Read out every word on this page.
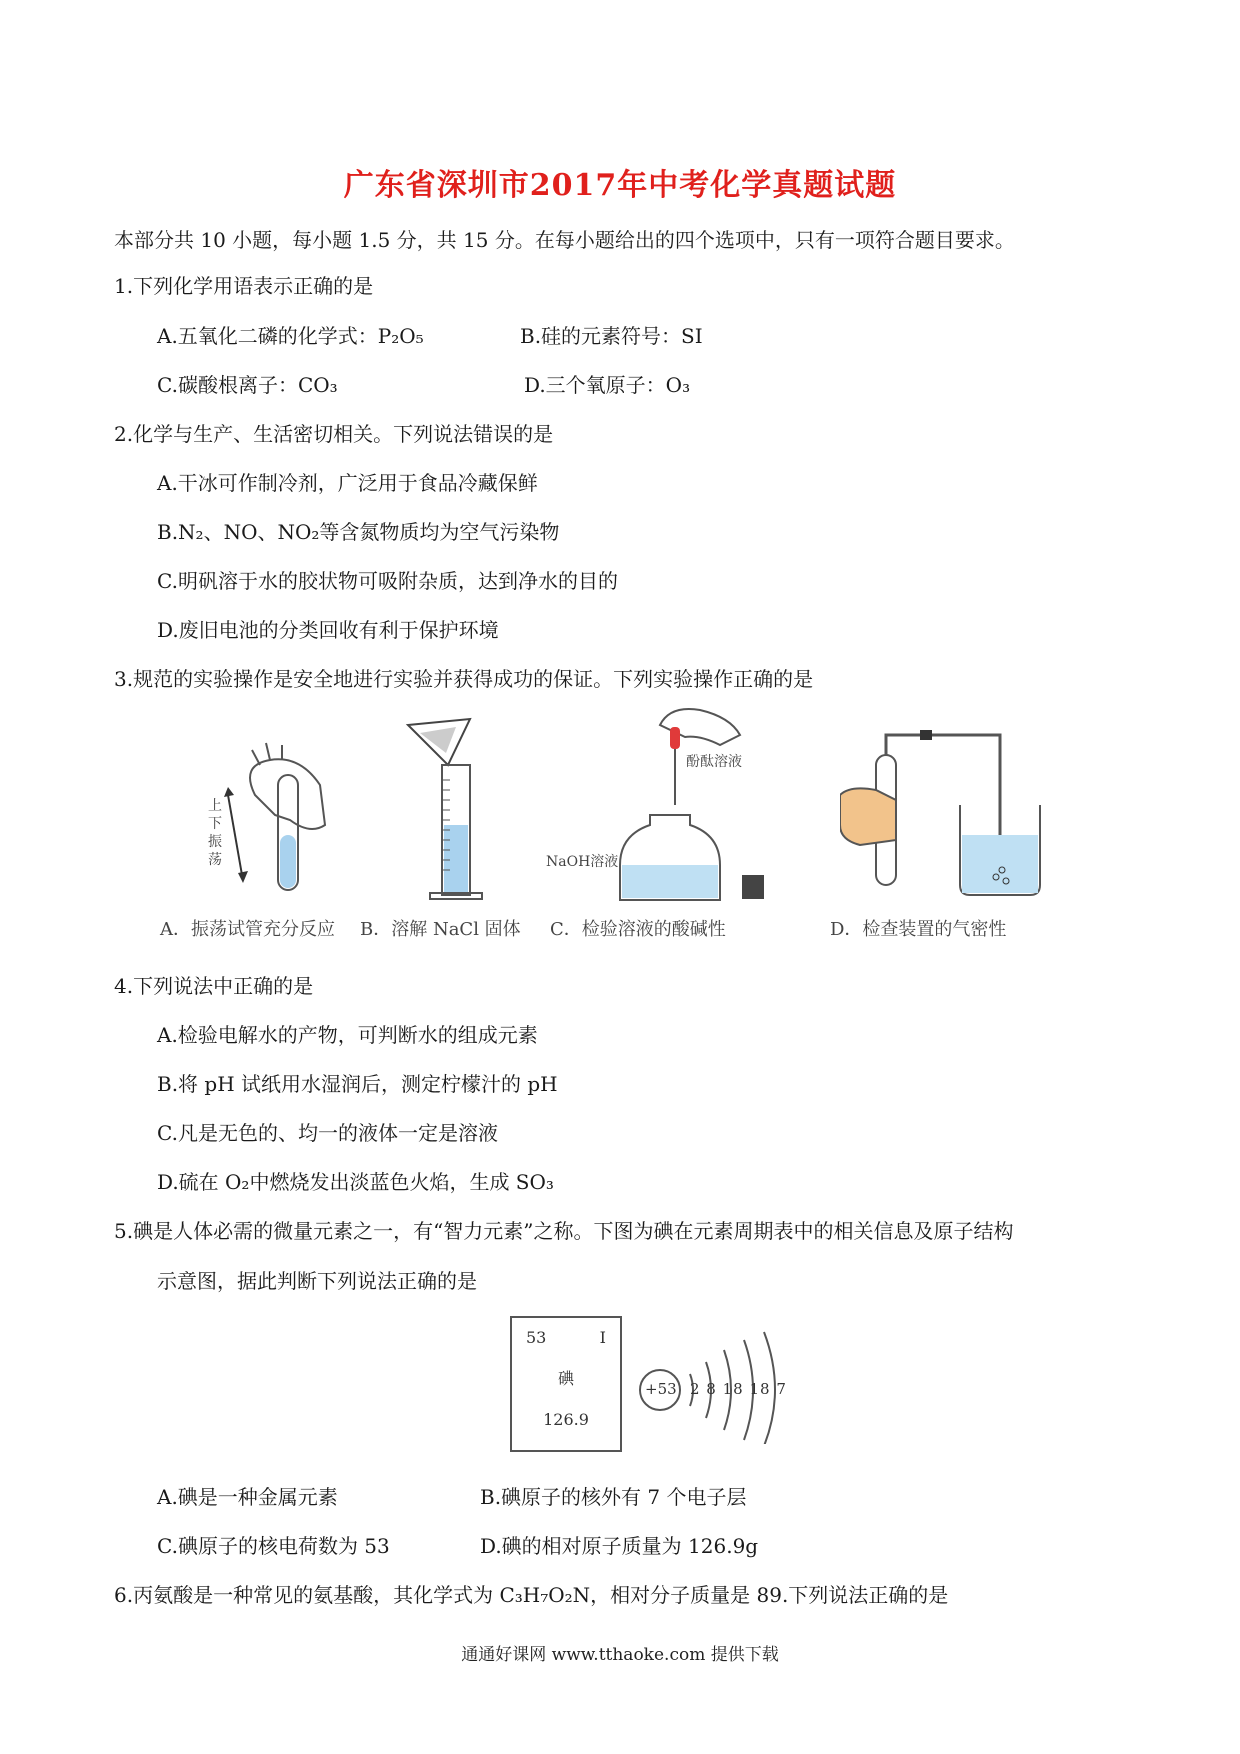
广东省深圳市2017年中考化学真题试题
本部分共 10 小题，每小题 1.5 分，共 15 分。在每小题给出的四个选项中，只有一项符合题目要求。
1.下列化学用语表示正确的是
A.五氧化二磷的化学式：P₂O₅	B.硅的元素符号：SI
C.碳酸根离子：CO₃	D.三个氧原子：O₃
2.化学与生产、生活密切相关。下列说法错误的是
A.干冰可作制冷剂，广泛用于食品冷藏保鲜
B.N₂、NO、NO₂等含氮物质均为空气污染物
C.明矾溶于水的胶状物可吸附杂质，达到净水的目的
D.废旧电池的分类回收有利于保护环境
3.规范的实验操作是安全地进行实验并获得成功的保证。下列实验操作正确的是
上下振荡
A．振荡试管充分反应 B．溶解 NaCl 固体
酚酞溶液
NaOH溶液
C．检验溶液的酸碱性	D．检查装置的气密性
4.下列说法中正确的是
A.检验电解水的产物，可判断水的组成元素
B.将 pH 试纸用水湿润后，测定柠檬汁的 pH
C.凡是无色的、均一的液体一定是溶液
D.硫在 O₂中燃烧发出淡蓝色火焰，生成 SO₃
5.碘是人体必需的微量元素之一，有“智力元素”之称。下图为碘在元素周期表中的相关信息及原子结构
示意图，据此判断下列说法正确的是
53	I
碘
126.9
+53 2 8 18 18 7
A.碘是一种金属元素	B.碘原子的核外有 7 个电子层
C.碘原子的核电荷数为 53	D.碘的相对原子质量为 126.9g
6.丙氨酸是一种常见的氨基酸，其化学式为 C₃H₇O₂N，相对分子质量是 89.下列说法正确的是
通通好课网 www.tthaoke.com 提供下载
